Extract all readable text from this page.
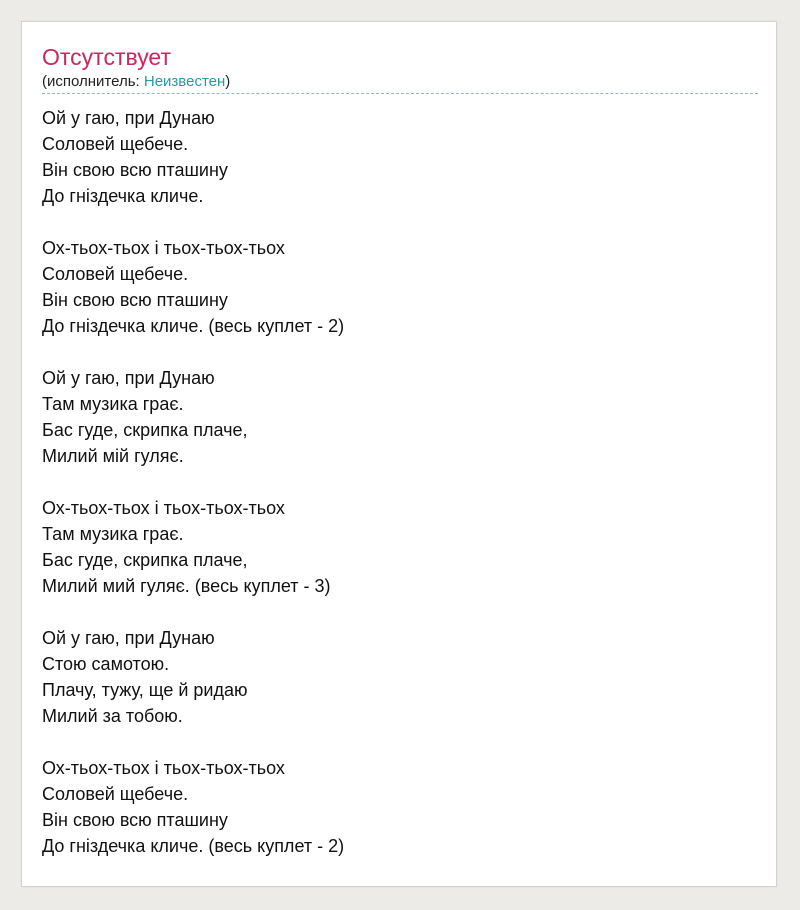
Отсутствует
(исполнитель: Неизвестен)
Ой у гаю, при Дунаю
Соловей щебече.
Він свою всю пташину
До гніздечка кличе.
Ох-тьох-тьох і тьох-тьох-тьох
Соловей щебече.
Він свою всю пташину
До гніздечка кличе. (весь куплет - 2)
Ой у гаю, при Дунаю
Там музика грає.
Бас гуде, скрипка плаче,
Милий мій гуляє.
Ох-тьох-тьох і тьох-тьох-тьох
Там музика грає.
Бас гуде, скрипка плаче,
Милий мий гуляє. (весь куплет - 3)
Ой у гаю, при Дунаю
Стою самотою.
Плачу, тужу, ще й ридаю
Милий за тобою.
Ох-тьох-тьох і тьох-тьох-тьох
Соловей щебече.
Він свою всю пташину
До гніздечка кличе. (весь куплет - 2)
